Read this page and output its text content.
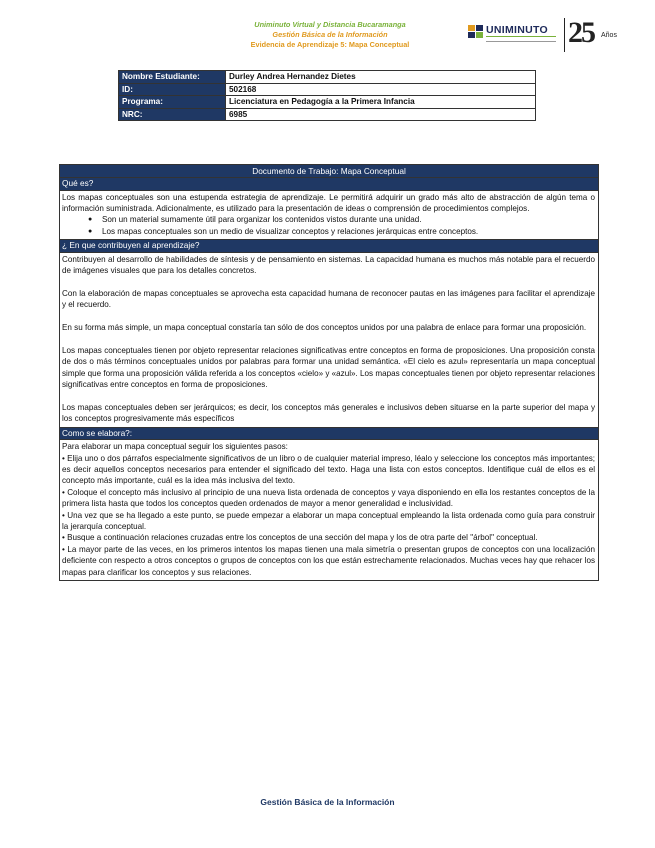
Uniminuto Virtual y Distancia Bucaramanga
Gestión Básica de la Información
Evidencia de Aprendizaje 5: Mapa Conceptual
UNIMINUTO 25 Años
Nombre Estudiante:	Durley Andrea Hernandez Dietes
ID:	502168
Programa:	Licenciatura en Pedagogía a la Primera Infancia
NRC:	6985
Documento de Trabajo: Mapa Conceptual
Qué es?

Los mapas conceptuales son una estupenda estrategia de aprendizaje. Le permitirá adquirir un grado más alto de abstracción de algún tema o información suministrada. Adicionalmente, es utilizado para la presentación de ideas o comprensión de procedimientos complejos.

● Son un material sumamente útil para organizar los contenidos vistos durante una unidad.
● Los mapas conceptuales son un medio de visualizar conceptos y relaciones jerárquicas entre conceptos.
¿ En que contribuyen al aprendizaje?

Contribuyen al desarrollo de habilidades de síntesis y de pensamiento en sistemas. La capacidad humana es muchos más notable para el recuerdo de imágenes visuales que para los detalles concretos.

Con la elaboración de mapas conceptuales se aprovecha esta capacidad humana de reconocer pautas en las imágenes para facilitar el aprendizaje y el recuerdo.

En su forma más simple, un mapa conceptual constaría tan sólo de dos conceptos unidos por una palabra de enlace para formar una proposición.

Los mapas conceptuales tienen por objeto representar relaciones significativas entre conceptos en forma de proposiciones. Una proposición consta de dos o más términos conceptuales unidos por palabras para formar una unidad semántica. «El cielo es azul» representaría un mapa conceptual simple que forma una proposición válida referida a los conceptos «cielo» y «azul». Los mapas conceptuales tienen por objeto representar relaciones significativas entre conceptos en forma de proposiciones.

Los mapas conceptuales deben ser jerárquicos; es decir, los conceptos más generales e inclusivos deben situarse en la parte superior del mapa y los conceptos progresivamente más específicos

Como se elabora?:

Para elaborar un mapa conceptual seguir los siguientes pasos:

• Elija uno o dos párrafos especialmente significativos de un libro o de cualquier material impreso, léalo y seleccione los conceptos más importantes; es decir aquellos conceptos necesarios para entender el significado del texto. Haga una lista con estos conceptos. Identifique cuál de ellos es el concepto más importante, cuál es la idea más inclusiva del texto.

• Coloque el concepto más inclusivo al principio de una nueva lista ordenada de conceptos y vaya disponiendo en ella los restantes conceptos de la primera lista hasta que todos los conceptos queden ordenados de mayor a menor generalidad e inclusividad.

• Una vez que se ha llegado a este punto, se puede empezar a elaborar un mapa conceptual empleando la lista ordenada como guía para construir la jerarquía conceptual.

• Busque a continuación relaciones cruzadas entre los conceptos de una sección del mapa y los de otra parte del "árbol" conceptual.

• La mayor parte de las veces, en los primeros intentos los mapas tienen una mala simetría o presentan grupos de conceptos con una localización deficiente con respecto a otros conceptos o grupos de conceptos con los que están estrechamente relacionados. Muchas veces hay que rehacer los mapas para clarificar los conceptos y sus relaciones.

Gestión Básica de la Información
